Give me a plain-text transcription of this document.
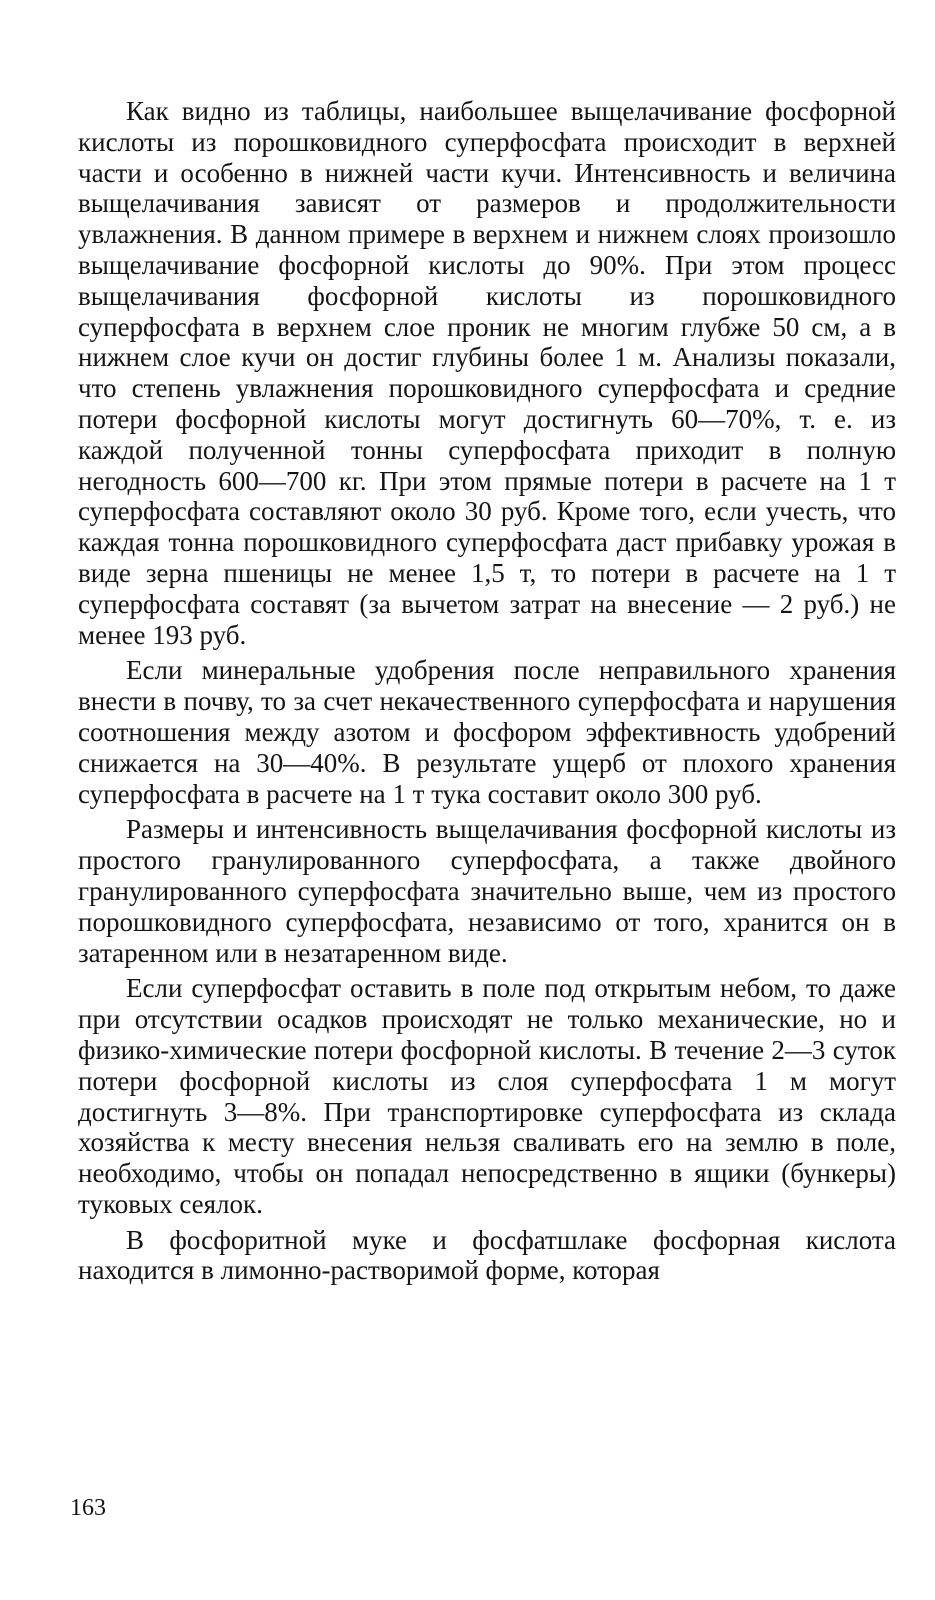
Как видно из таблицы, наибольшее выщелачивание фосфорной кислоты из порошковидного суперфосфата происходит в верхней части и особенно в нижней части кучи. Интенсивность и величина выщелачивания зависят от размеров и продолжительности увлажнения. В данном примере в верхнем и нижнем слоях произошло выщелачивание фосфорной кислоты до 90%. При этом процесс выщелачивания фосфорной кислоты из порошковидного суперфосфата в верхнем слое проник не многим глубже 50 см, а в нижнем слое кучи он достиг глубины более 1 м. Анализы показали, что степень увлажнения порошковидного суперфосфата и средние потери фосфорной кислоты могут достигнуть 60—70%, т. е. из каждой полученной тонны суперфосфата приходит в полную негодность 600—700 кг. При этом прямые потери в расчете на 1 т суперфосфата составляют около 30 руб. Кроме того, если учесть, что каждая тонна порошковидного суперфосфата даст прибавку урожая в виде зерна пшеницы не менее 1,5 т, то потери в расчете на 1 т суперфосфата составят (за вычетом затрат на внесение — 2 руб.) не менее 193 руб.

Если минеральные удобрения после неправильного хранения внести в почву, то за счет некачественного суперфосфата и нарушения соотношения между азотом и фосфором эффективность удобрений снижается на 30—40%. В результате ущерб от плохого хранения суперфосфата в расчете на 1 т тука составит около 300 руб.

Размеры и интенсивность выщелачивания фосфорной кислоты из простого гранулированного суперфосфата, а также двойного гранулированного суперфосфата значительно выше, чем из простого порошковидного суперфосфата, независимо от того, хранится он в затаренном или в незатаренном виде.

Если суперфосфат оставить в поле под открытым небом, то даже при отсутствии осадков происходят не только механические, но и физико-химические потери фосфорной кислоты. В течение 2—3 суток потери фосфорной кислоты из слоя суперфосфата 1 м могут достигнуть 3—8%. При транспортировке суперфосфата из склада хозяйства к месту внесения нельзя сваливать его на землю в поле, необходимо, чтобы он попадал непосредственно в ящики (бункеры) туковых сеялок.

В фосфоритной муке и фосфатшлаке фосфорная кислота находится в лимонно-растворимой форме, которая

163
